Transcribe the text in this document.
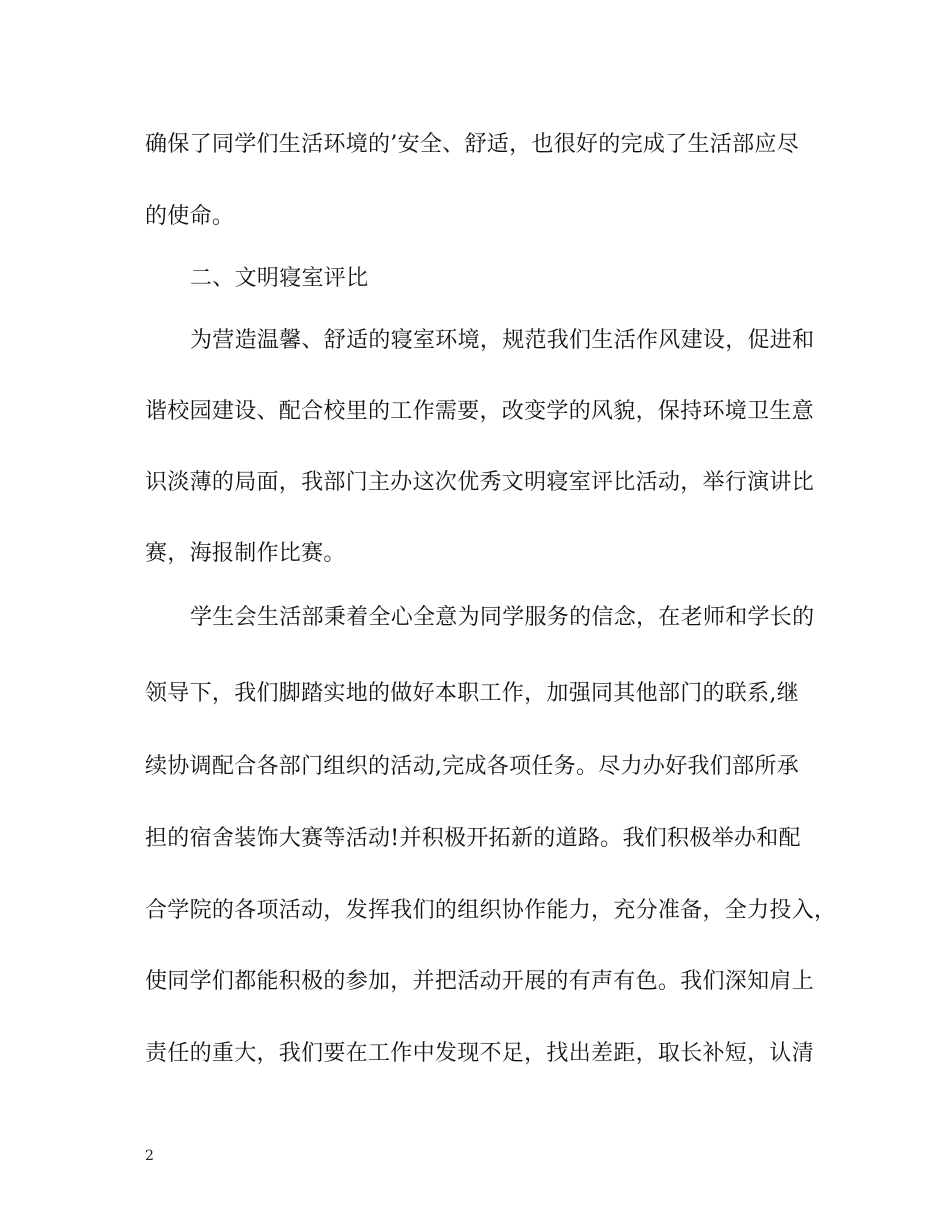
确保了同学们生活环境的’安全、舒适，也很好的完成了生活部应尽
的使命。
二、文明寝室评比
为营造温馨、舒适的寝室环境，规范我们生活作风建设，促进和
谐校园建设、配合校里的工作需要，改变学的风貌，保持环境卫生意
识淡薄的局面，我部门主办这次优秀文明寝室评比活动，举行演讲比
赛，海报制作比赛。
学生会生活部秉着全心全意为同学服务的信念，在老师和学长的
领导下，我们脚踏实地的做好本职工作，加强同其他部门的联系,继
续协调配合各部门组织的活动,完成各项任务。尽力办好我们部所承
担的宿舍装饰大赛等活动!并积极开拓新的道路。我们积极举办和配
合学院的各项活动，发挥我们的组织协作能力，充分准备，全力投入，
使同学们都能积极的参加，并把活动开展的有声有色。我们深知肩上
责任的重大，我们要在工作中发现不足，找出差距，取长补短，认清
2
